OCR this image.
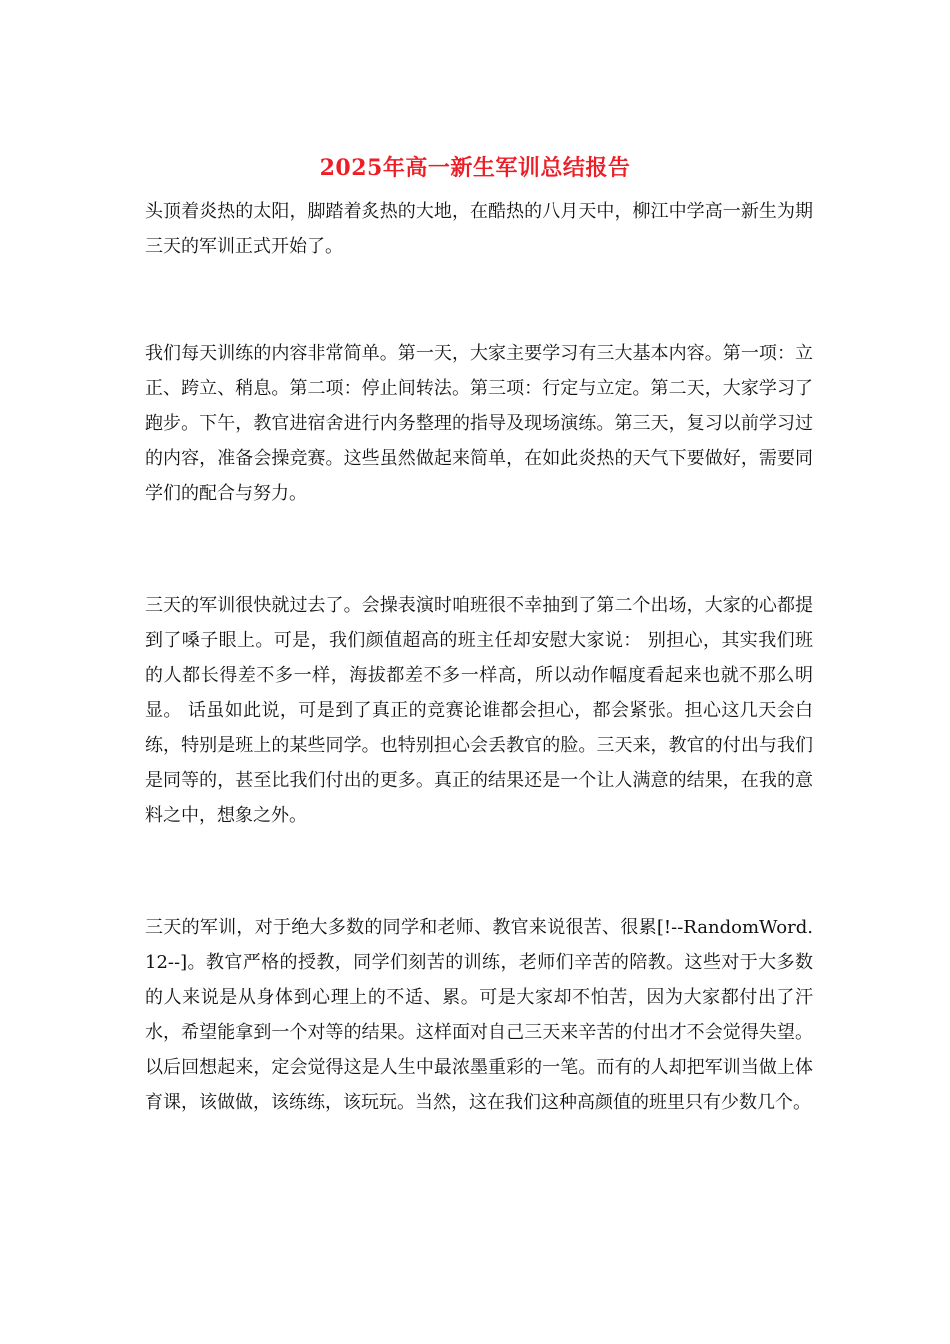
2025年高一新生军训总结报告

头顶着炎热的太阳，脚踏着炙热的大地，在酷热的八月天中，柳江中学高一新生为期三天的军训正式开始了。

我们每天训练的内容非常简单。第一天，大家主要学习有三大基本内容。第一项：立正、跨立、稍息。第二项：停止间转法。第三项：行定与立定。第二天，大家学习了跑步。下午，教官进宿舍进行内务整理的指导及现场演练。第三天，复习以前学习过的内容，准备会操竞赛。这些虽然做起来简单，在如此炎热的天气下要做好，需要同学们的配合与努力。

三天的军训很快就过去了。会操表演时咱班很不幸抽到了第二个出场，大家的心都提到了嗓子眼上。可是，我们颜值超高的班主任却安慰大家说： 别担心，其实我们班的人都长得差不多一样，海拔都差不多一样高，所以动作幅度看起来也就不那么明显。 话虽如此说，可是到了真正的竞赛论谁都会担心，都会紧张。担心这几天会白练，特别是班上的某些同学。也特别担心会丢教官的脸。三天来，教官的付出与我们是同等的，甚至比我们付出的更多。真正的结果还是一个让人满意的结果，在我的意料之中，想象之外。

三天的军训，对于绝大多数的同学和老师、教官来说很苦、很累[!--RandomWord.12--]。教官严格的授教，同学们刻苦的训练，老师们辛苦的陪教。这些对于大多数的人来说是从身体到心理上的不适、累。可是大家却不怕苦，因为大家都付出了汗水，希望能拿到一个对等的结果。这样面对自己三天来辛苦的付出才不会觉得失望。以后回想起来，定会觉得这是人生中最浓墨重彩的一笔。而有的人却把军训当做上体育课，该做做，该练练，该玩玩。当然，这在我们这种高颜值的班里只有少数几个。
